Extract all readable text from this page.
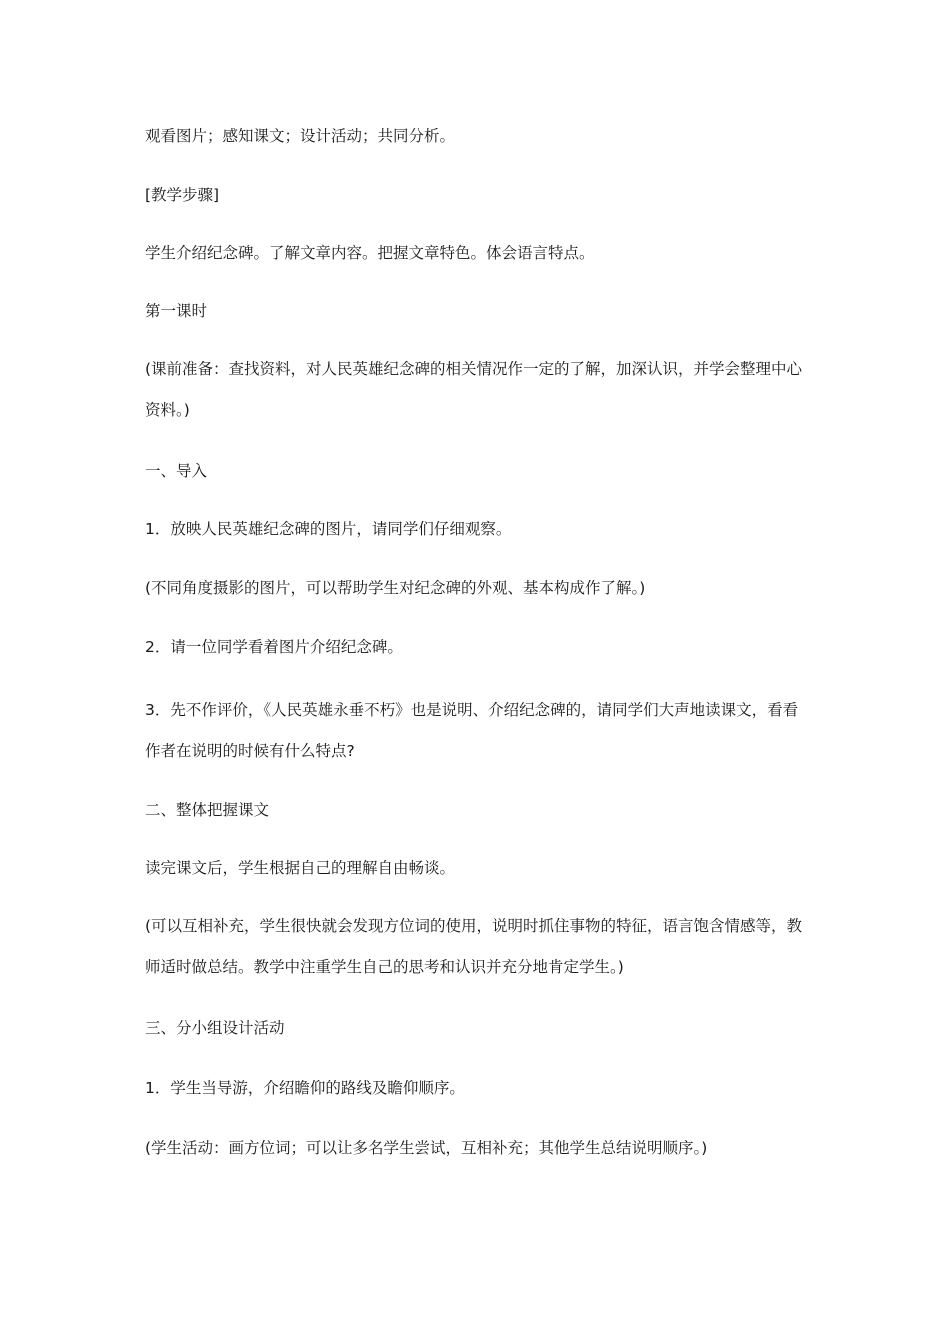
观看图片；感知课文；设计活动；共同分析。

[教学步骤]

学生介绍纪念碑。了解文章内容。把握文章特色。体会语言特点。

第一课时

(课前准备：查找资料，对人民英雄纪念碑的相关情况作一定的了解，加深认识，并学会整理中心资料。)

一、导入

1．放映人民英雄纪念碑的图片，请同学们仔细观察。

(不同角度摄影的图片，可以帮助学生对纪念碑的外观、基本构成作了解。)

2．请一位同学看着图片介绍纪念碑。

3．先不作评价，《人民英雄永垂不朽》也是说明、介绍纪念碑的，请同学们大声地读课文，看看作者在说明的时候有什么特点?

二、整体把握课文

读完课文后，学生根据自己的理解自由畅谈。

(可以互相补充，学生很快就会发现方位词的使用，说明时抓住事物的特征，语言饱含情感等，教师适时做总结。教学中注重学生自己的思考和认识并充分地肯定学生。)

三、分小组设计活动

1．学生当导游，介绍瞻仰的路线及瞻仰顺序。

(学生活动：画方位词；可以让多名学生尝试，互相补充；其他学生总结说明顺序。)
